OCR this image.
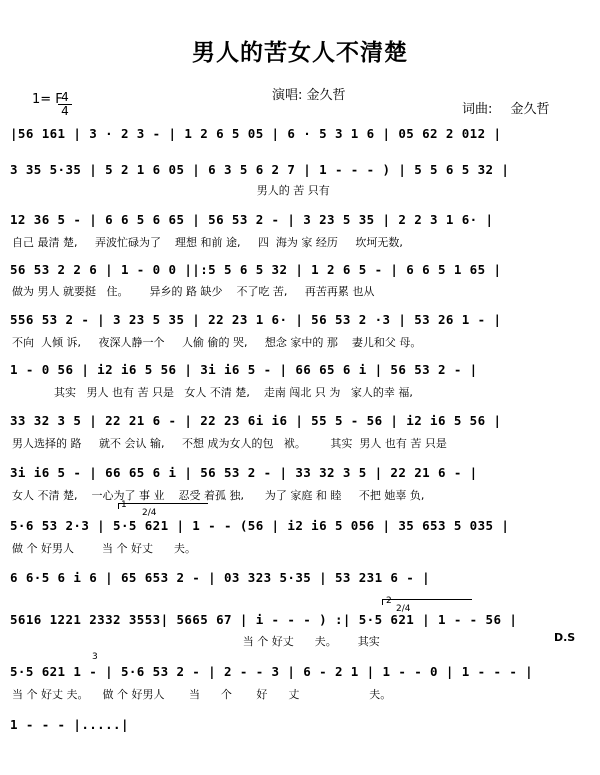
男人的苦女人不清楚
1= F
4
4
演唱: 金久哲
词曲: 金久哲
|56 161 | 3 · 2 3 - | 1 2 6 5 05 | 6 · 5 3 1 6 | 05 62 2 012 |
3 35 5·35 | 5 2 1 6 05 | 6 3 5 6 2 7 | 1 - - - ) | 5 5 6 5 32 |
男人的 苦 只有
12 36 5 - | 6 6 5 6 65 | 56 53 2 - | 3 23 5 35 | 2 2 3 1 6· |
自己 最清 楚,     弄波忙碌为了    理想 和前 途,     四  海为 家 经历     坎坷无数,
56 53 2 2 6 | 1 - 0 0 ||:5 5 6 5 32 | 1 2 6 5 - | 6 6 5 1 65 |
做为 男人 就要挺   住。      异乡的 路 缺少    不了吃 苦,     再苦再累 也从
556 53 2 - | 3 23 5 35 | 22 23 1 6· | 56 53 2 ·3 | 53 26 1 - |
不向  人倾 诉,     夜深人静一个     人偷 偷的 哭,     想念 家中的 那    妻儿和父 母。
1 - 0 56 | i2 i6 5 56 | 3i i6 5 - | 66 65 6 i | 56 53 2 - |
其实   男人 也有 苦 只是   女人 不清 楚,    走南 闯北 只 为   家人的幸 福,
33 32 3 5 | 22 21 6 - | 22 23 6i i6 | 55 5 - 56 | i2 i6 5 56 |
男人选择的 路     就不 会认 输,     不想 成为女人的包   袱。       其实  男人 也有 苦 只是
3i i6 5 - | 66 65 6 i | 56 53 2 - | 33 32 3 5 | 22 21 6 - |
女人 不清 楚,    一心为了 事 业    忍受 着孤 独,      为了 家庭 和 睦     不把 她辜 负,
1
2/4
5·6 53 2·3 | 5·5 621 | 1 - - (56 | i2 i6 5 056 | 35 653 5 035 |
做 个 好男人        当 个 好丈      夫。
6 6·5 6 i 6 | 65 653 2 - | 03 323 5·35 | 53 231 6 - |
2
2/4
5616 1221 2332 3553| 5665 67 | i - - - ) :| 5·5 621 | 1 - - 56 |
当 个 好丈      夫。      其实	D.S
3
5·5 621 1 - | 5·6 53 2 - | 2 - - 3 | 6 - 2 1 | 1 - - 0 | 1 - - - |
当 个 好丈 夫。    做 个 好男人       当      个       好      丈                    夫。
1 - - - |.....|
